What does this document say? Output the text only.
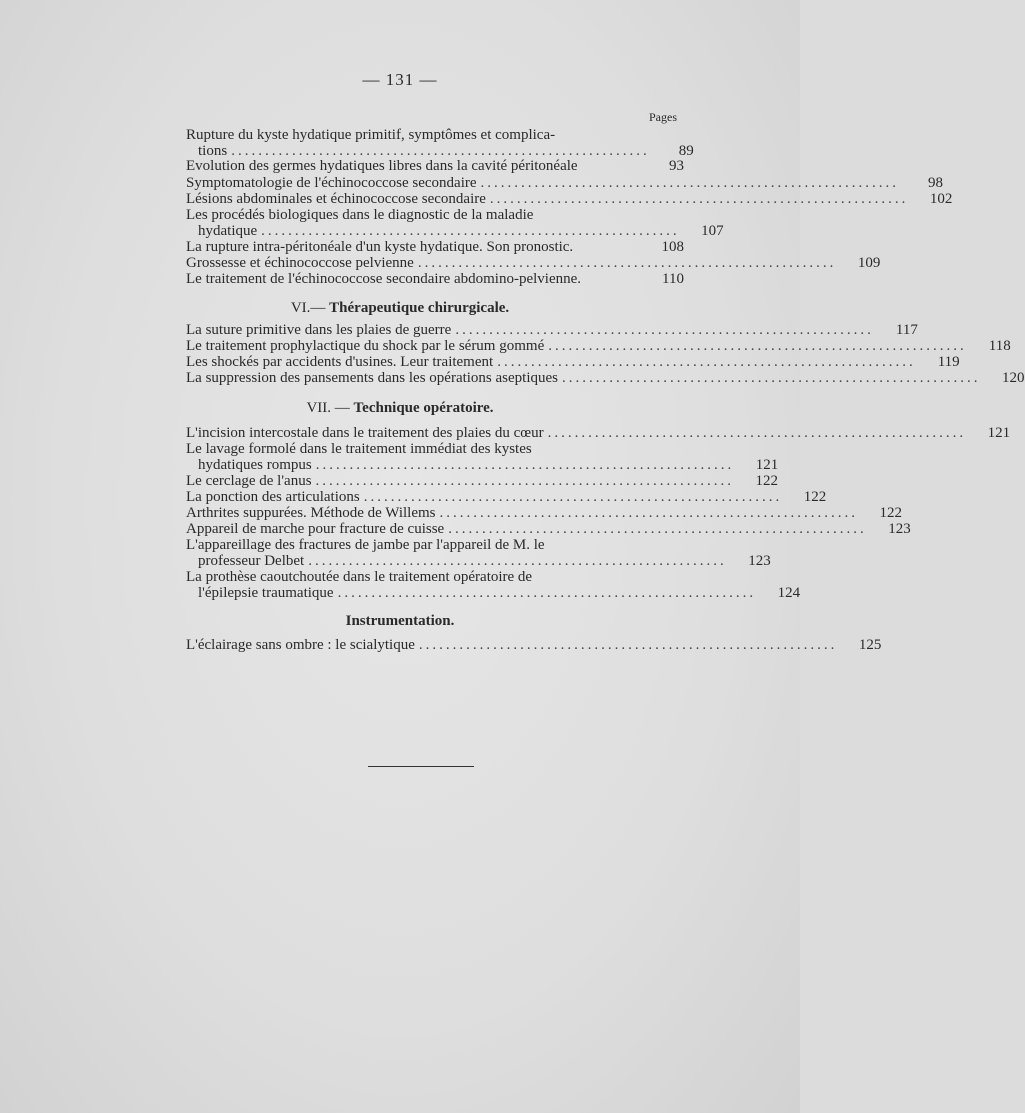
— 131 —
Pages
Rupture du kyste hydatique primitif, symptômes et complica-
tions ..............................................................	89
Evolution des germes hydatiques libres dans la cavité péritonéale	93
Symptomatologie de l'échinococcose secondaire ..............................................................	98
Lésions abdominales et échinococcose secondaire ..............................................................	102
Les procédés biologiques dans le diagnostic de la maladie
hydatique ..............................................................	107
La rupture intra-péritonéale d'un kyste hydatique. Son pronostic.	108
Grossesse et échinococcose pelvienne ..............................................................	109
Le traitement de l'échinococcose secondaire abdomino-pelvienne.	110
VI.— Thérapeutique chirurgicale.
La suture primitive dans les plaies de guerre ..............................................................	117
Le traitement prophylactique du shock par le sérum gommé ..............................................................	118
Les shockés par accidents d'usines. Leur traitement ..............................................................	119
La suppression des pansements dans les opérations aseptiques ..............................................................	120
VII. — Technique opératoire.
L'incision intercostale dans le traitement des plaies du cœur ..............................................................	121
Le lavage formolé dans le traitement immédiat des kystes
hydatiques rompus ..............................................................	121
Le cerclage de l'anus ..............................................................	122
La ponction des articulations ..............................................................	122
Arthrites suppurées. Méthode de Willems ..............................................................	122
Appareil de marche pour fracture de cuisse ..............................................................	123
L'appareillage des fractures de jambe par l'appareil de M. le
professeur Delbet ..............................................................	123
La prothèse caoutchoutée dans le traitement opératoire de
l'épilepsie traumatique ..............................................................	124
Instrumentation.
L'éclairage sans ombre : le scialytique ..............................................................	125
